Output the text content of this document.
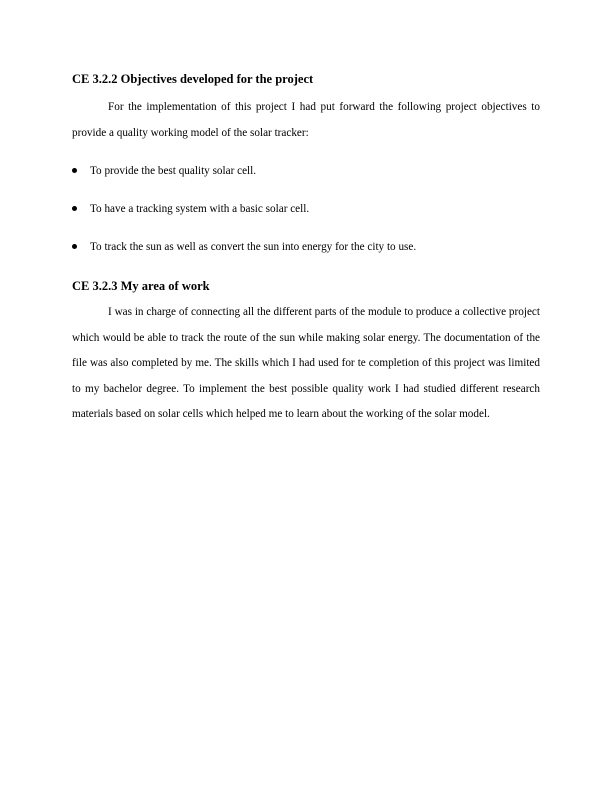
CE 3.2.2 Objectives developed for the project

For the implementation of this project I had put forward the following project objectives to provide a quality working model of the solar tracker:

To provide the best quality solar cell.
To have a tracking system with a basic solar cell.
To track the sun as well as convert the sun into energy for the city to use.
CE 3.2.3 My area of work

I was in charge of connecting all the different parts of the module to produce a collective project which would be able to track the route of the sun while making solar energy. The documentation of the file was also completed by me. The skills which I had used for te completion of this project was limited to my bachelor degree. To implement the best possible quality work I had studied different research materials based on solar cells which helped me to learn about the working of the solar model.
